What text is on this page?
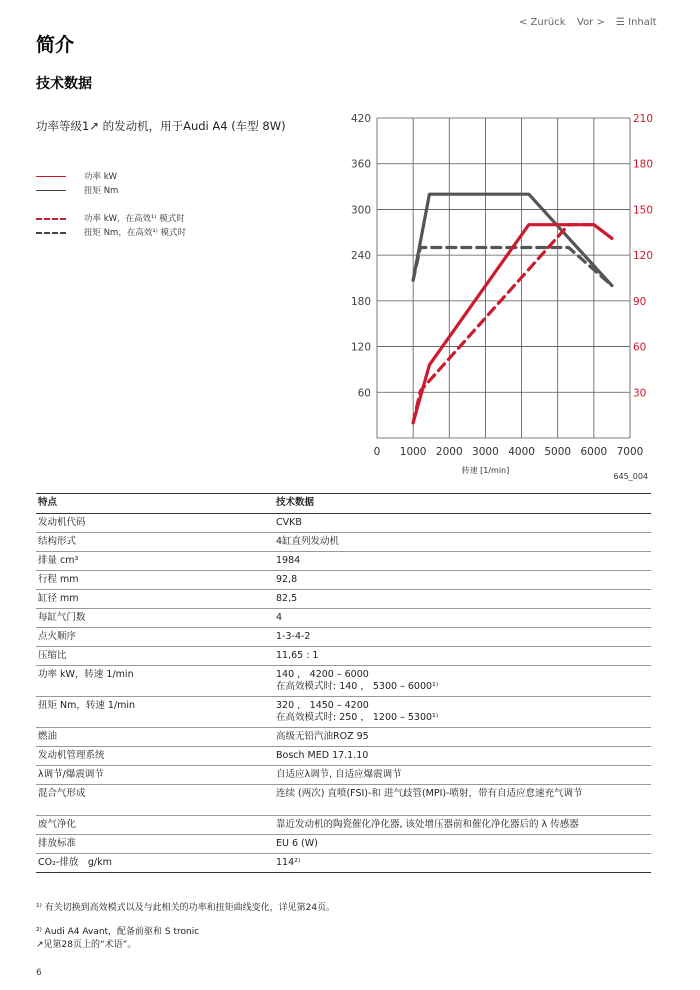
< Zurück Vor > ☰ Inhalt
简介
技术数据
功率等级1↗ 的发动机，用于Audi A4 (车型 8W)
功率 kW
扭矩 Nm
功率 kW，在高效¹⁾ 模式时
扭矩 Nm，在高效¹⁾ 模式时
0 1000 2000 3000 4000 5000 6000 7000
60
120
180
240
300
360
420
30
60
90
120
150
180
210
转速 [1/min]
645_004
特点	技术数据
发动机代码	CVKB

结构形式	4缸直列发动机

排量 cm³	1984

行程 mm	92,8

缸径 mm	82,5

每缸气门数	4

点火顺序	1-3-4-2

压缩比	11,65 : 1

功率 kW，转速 1/min	140 ， 4200 – 6000
在高效模式时: 140 ， 5300 – 6000¹⁾

扭矩 Nm，转速 1/min	320 ， 1450 – 4200
在高效模式时: 250 ， 1200 – 5300¹⁾

燃油	高级无铅汽油ROZ 95

发动机管理系统	Bosch MED 17.1.10

λ调节/爆震调节	自适应λ调节, 自适应爆震调节

混合气形成	连续 (两次) 直喷(FSI)-和 进气歧管(MPI)-喷射，带有自适应怠速充气调节

废气净化	靠近发动机的陶瓷催化净化器, 该处增压器前和催化净化器后的 λ 传感器

排放标准	EU 6 (W)

CO₂-排放　g/km	114²⁾
¹⁾ 有关切换到高效模式以及与此相关的功率和扭矩曲线变化，详见第24页。
²⁾ Audi A4 Avant，配备前驱和 S tronic
↗见第28页上的“术语”。
6
